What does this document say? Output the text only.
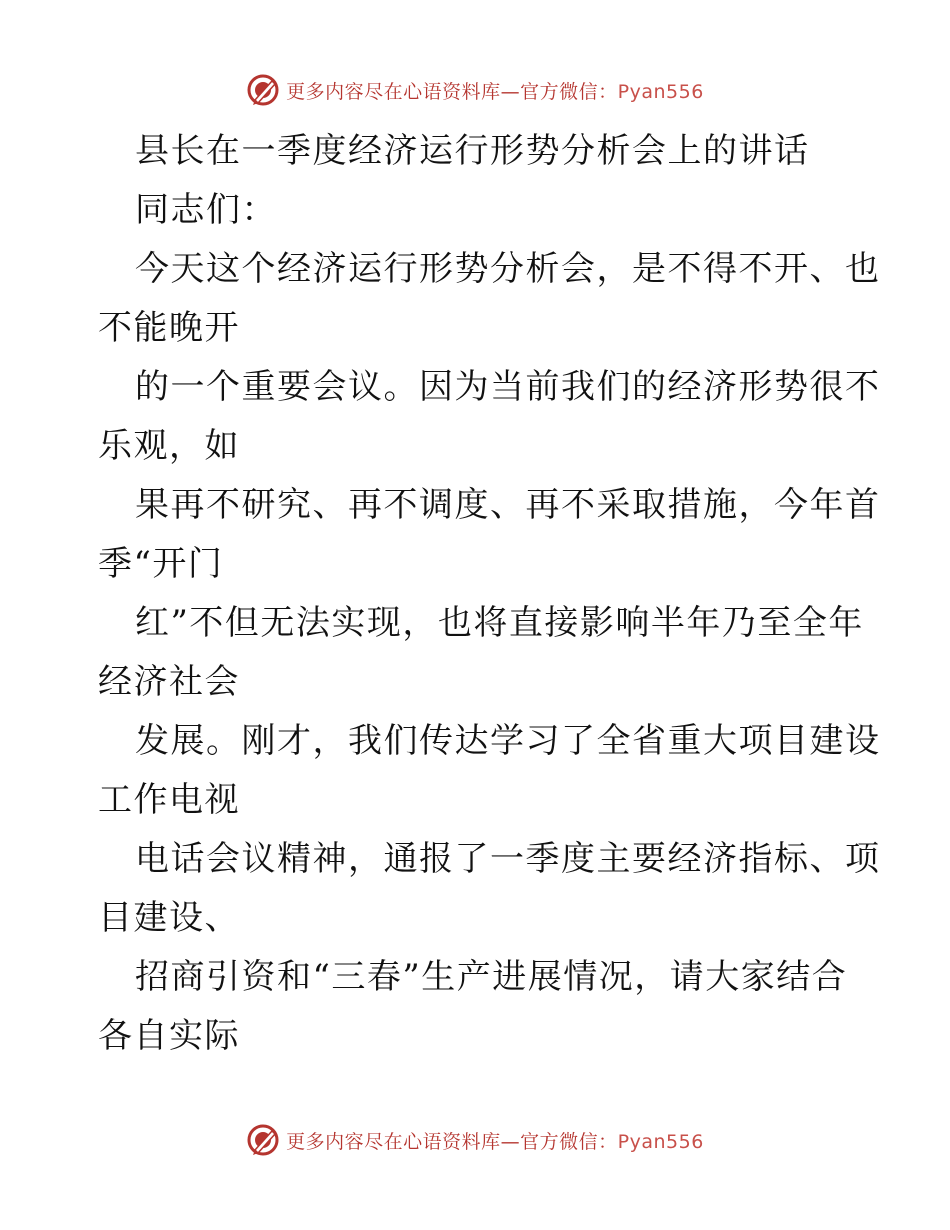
更多内容尽在心语资料库—官方微信：Pyan556
县长在一季度经济运行形势分析会上的讲话
同志们：
今天这个经济运行形势分析会，是不得不开、也
不能晚开
的一个重要会议。因为当前我们的经济形势很不
乐观，如
果再不研究、再不调度、再不采取措施，今年首
季“开门
红”不但无法实现，也将直接影响半年乃至全年
经济社会
发展。刚才，我们传达学习了全省重大项目建设
工作电视
电话会议精神，通报了一季度主要经济指标、项
目建设、
招商引资和“三春”生产进展情况，请大家结合
各自实际
更多内容尽在心语资料库—官方微信：Pyan556
